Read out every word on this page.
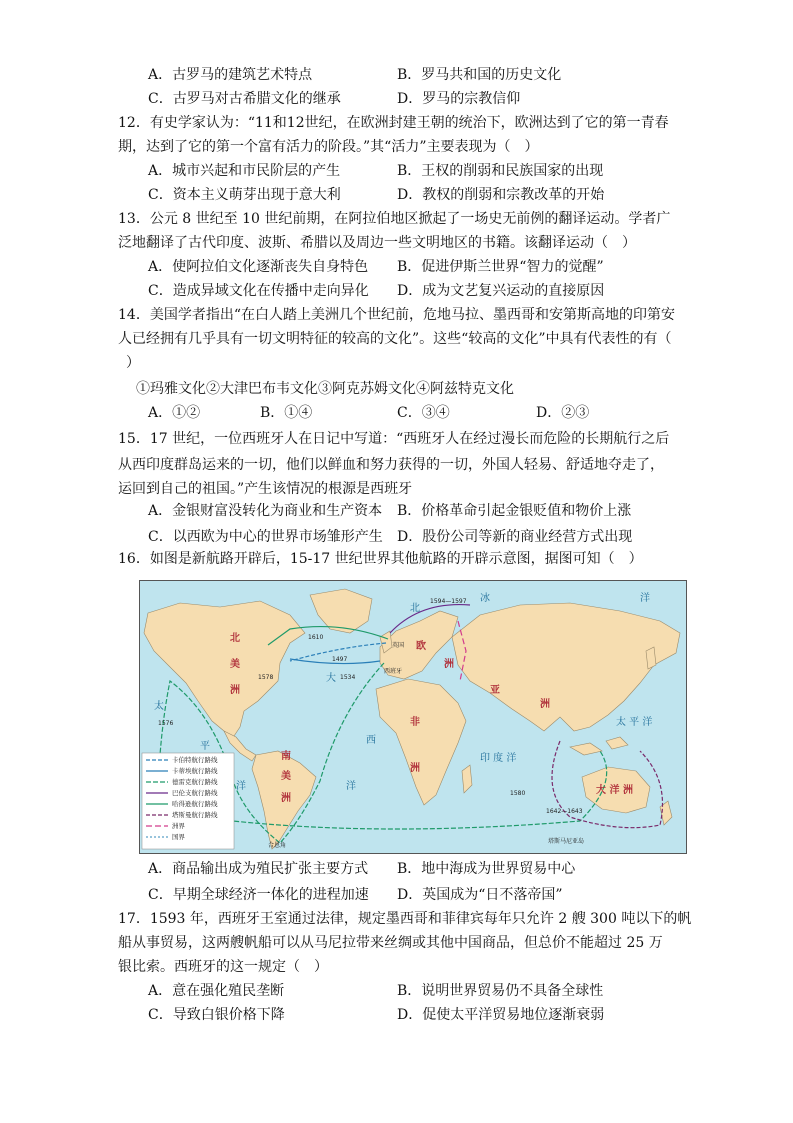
A．古罗马的建筑艺术特点	B．罗马共和国的历史文化
C．古罗马对古希腊文化的继承	D．罗马的宗教信仰
12．有史学家认为：“11和12世纪，在欧洲封建王朝的统治下，欧洲达到了它的第一青春
期，达到了它的第一个富有活力的阶段。”其“活力”主要表现为（　）
A．城市兴起和市民阶层的产生	B．王权的削弱和民族国家的出现
C．资本主义萌芽出现于意大利	D．教权的削弱和宗教改革的开始
13．公元 8 世纪至 10 世纪前期，在阿拉伯地区掀起了一场史无前例的翻译运动。学者广
泛地翻译了古代印度、波斯、希腊以及周边一些文明地区的书籍。该翻译运动（　）
A．使阿拉伯文化逐渐丧失自身特色 B．促进伊斯兰世界“智力的觉醒”
C．造成异域文化在传播中走向异化 D．成为文艺复兴运动的直接原因
14．美国学者指出“在白人踏上美洲几个世纪前，危地马拉、墨西哥和安第斯高地的印第安
人已经拥有几乎具有一切文明特征的较高的文化”。这些“较高的文化”中具有代表性的有（
）
①玛雅文化②大津巴布韦文化③阿克苏姆文化④阿兹特克文化
A．①②	B．①④	C．③④	D．②③
15．17 世纪，一位西班牙人在日记中写道：“西班牙人在经过漫长而危险的长期航行之后
从西印度群岛运来的一切，他们以鲜血和努力获得的一切，外国人轻易、舒适地夺走了，
运回到自己的祖国。”产生该情况的根源是西班牙
A．金银财富没转化为商业和生产资本 B．价格革命引起金银贬值和物价上涨
C．以西欧为中心的世界市场雏形产生 D．股份公司等新的商业经营方式出现
16．如图是新航路开辟后，15-17 世纪世界其他航路的开辟示意图，据图可知（　）
北
美
洲
南
美
洲
非
洲
欧
洲
亚
洲
大 洋 洲
北
冰	洋
太
平
洋
西
洋
大
太 平 洋
印 度 洋
合恩角
英国
西班牙
塔斯马尼亚岛
1497
1534
1576
1610
1578
1594—1597
1580
1642—1643
卡伯特航行路线
卡蒂埃航行路线
德雷克航行路线
巴伦支航行路线
哈得逊航行路线
塔斯曼航行路线
洲界
国界
A．商品输出成为殖民扩张主要方式 B．地中海成为世界贸易中心
C．早期全球经济一体化的进程加速 D．英国成为“日不落帝国”
17．1593 年，西班牙王室通过法律，规定墨西哥和菲律宾每年只允许 2 艘 300 吨以下的帆
船从事贸易，这两艘帆船可以从马尼拉带来丝绸或其他中国商品，但总价不能超过 25 万
银比索。西班牙的这一规定（　）
A．意在强化殖民垄断	B．说明世界贸易仍不具备全球性
C．导致白银价格下降	D．促使太平洋贸易地位逐渐衰弱
